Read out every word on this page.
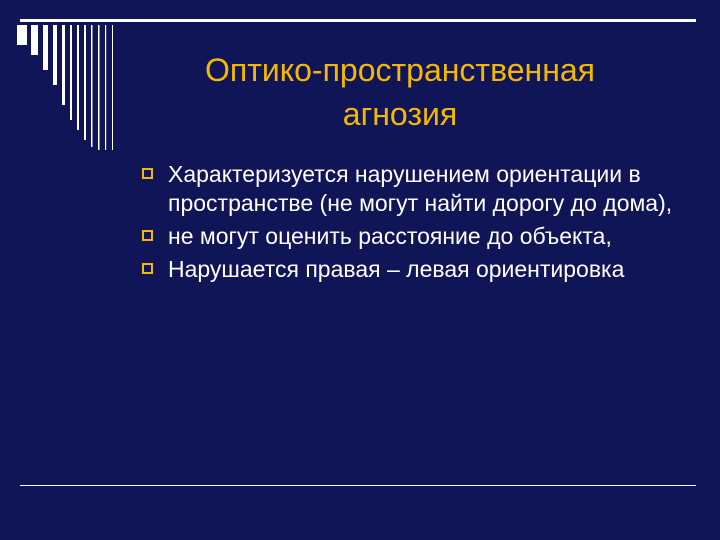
Оптико-пространственная
агнозия
Характеризуется нарушением ориентации в пространстве (не могут найти дорогу до дома),
не могут оценить расстояние до объекта,
Нарушается правая – левая ориентировка
